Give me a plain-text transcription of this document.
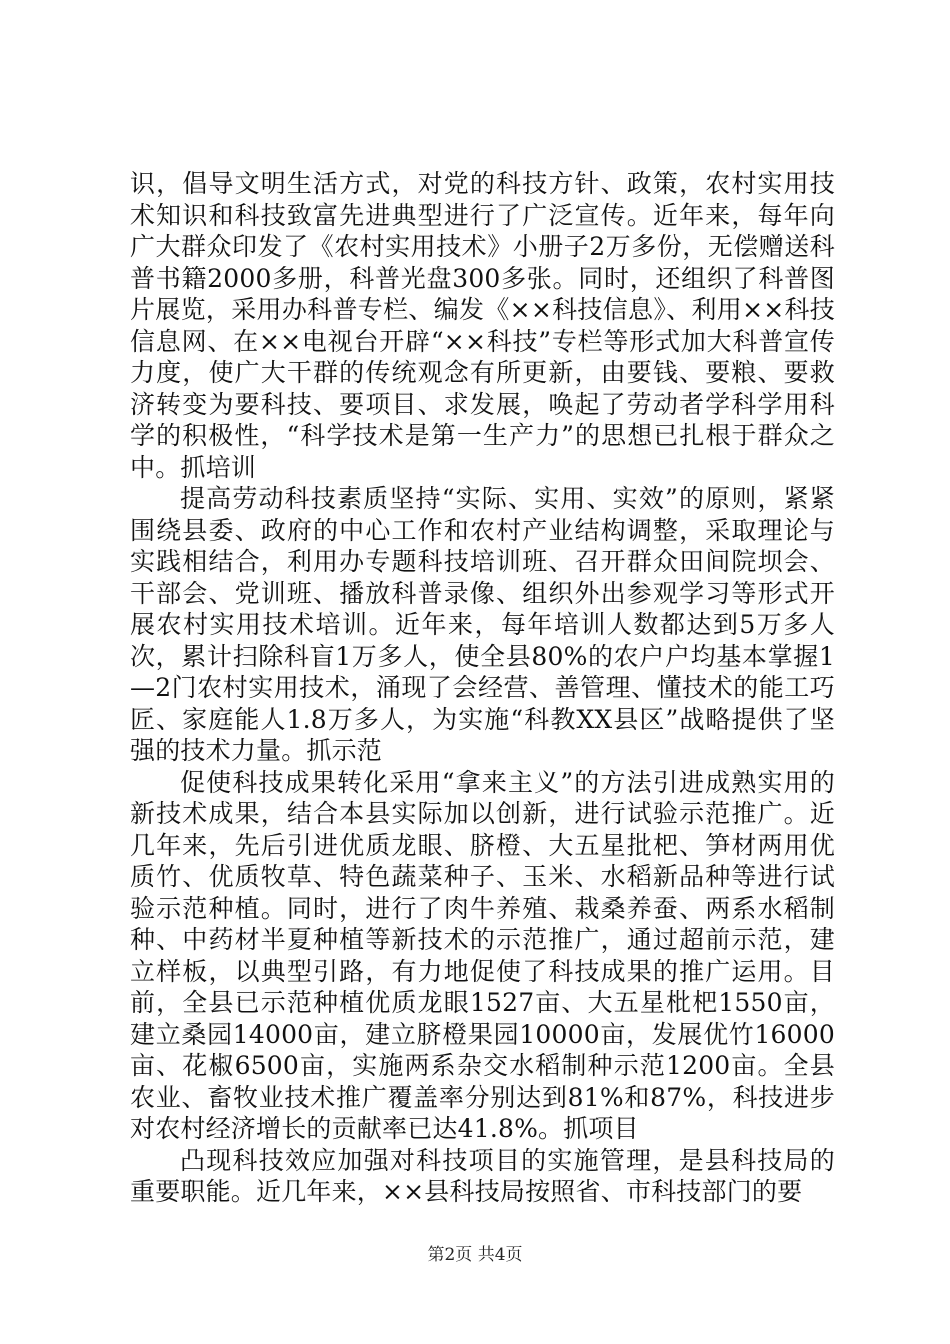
识，倡导文明生活方式，对党的科技方针、政策，农村实用技术知识和科技致富先进典型进行了广泛宣传。近年来，每年向广大群众印发了《农村实用技术》小册子2万多份，无偿赠送科普书籍2000多册，科普光盘300多张。同时，还组织了科普图片展览，采用办科普专栏、编发《××科技信息》、利用××科技信息网、在××电视台开辟“××科技”专栏等形式加大科普宣传力度，使广大干群的传统观念有所更新，由要钱、要粮、要救济转变为要科技、要项目、求发展，唤起了劳动者学科学用科学的积极性，“科学技术是第一生产力”的思想已扎根于群众之中。抓培训

提高劳动科技素质坚持“实际、实用、实效”的原则，紧紧围绕县委、政府的中心工作和农村产业结构调整，采取理论与实践相结合，利用办专题科技培训班、召开群众田间院坝会、干部会、党训班、播放科普录像、组织外出参观学习等形式开展农村实用技术培训。近年来，每年培训人数都达到5万多人次，累计扫除科盲1万多人，使全县80%的农户户均基本掌握1—2门农村实用技术，涌现了会经营、善管理、懂技术的能工巧匠、家庭能人1.8万多人，为实施“科教XX县区”战略提供了坚强的技术力量。抓示范

促使科技成果转化采用“拿来主义”的方法引进成熟实用的新技术成果，结合本县实际加以创新，进行试验示范推广。近几年来，先后引进优质龙眼、脐橙、大五星批杷、笋材两用优质竹、优质牧草、特色蔬菜种子、玉米、水稻新品种等进行试验示范种植。同时，进行了肉牛养殖、栽桑养蚕、两系水稻制种、中药材半夏种植等新技术的示范推广，通过超前示范，建立样板，以典型引路，有力地促使了科技成果的推广运用。目前，全县已示范种植优质龙眼1527亩、大五星枇杷1550亩，建立桑园14000亩，建立脐橙果园10000亩，发展优竹16000亩、花椒6500亩，实施两系杂交水稻制种示范1200亩。全县农业、畜牧业技术推广覆盖率分别达到81%和87%，科技进步对农村经济增长的贡献率已达41.8%。抓项目

凸现科技效应加强对科技项目的实施管理，是县科技局的重要职能。近几年来，××县科技局按照省、市科技部门的要

第2页 共4页
